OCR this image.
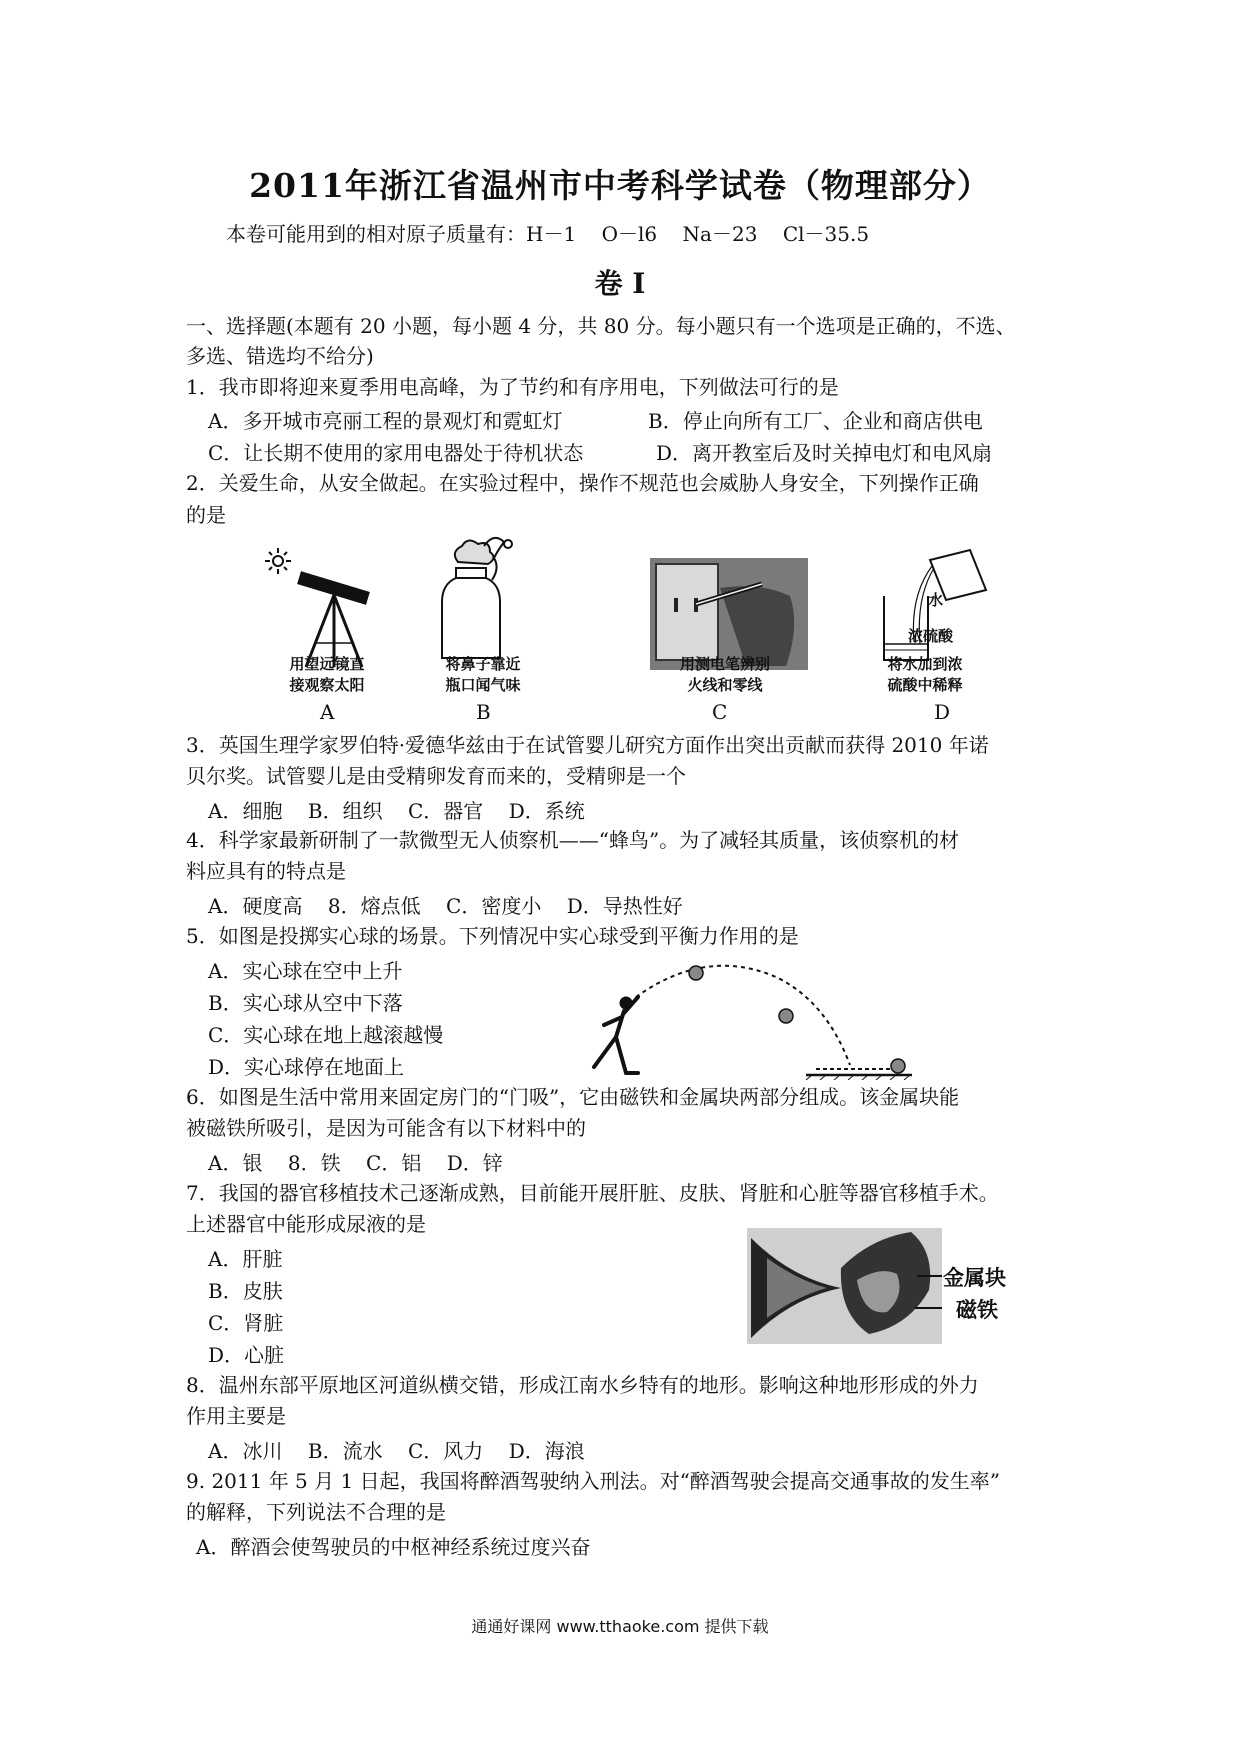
2011年浙江省温州市中考科学试卷（物理部分）
本卷可能用到的相对原子质量有：H－1    O－l6    Na－23    Cl－35.5
卷 I
一、选择题(本题有 20 小题，每小题 4 分，共 80 分。每小题只有一个选项是正确的，不选、
多选、错选均不给分)
1．我市即将迎来夏季用电高峰，为了节约和有序用电，下列做法可行的是
A．多开城市亮丽工程的景观灯和霓虹灯	B．停止向所有工厂、企业和商店供电
C．让长期不使用的家用电器处于待机状态	D．离开教室后及时关掉电灯和电风扇
2．关爱生命，从安全做起。在实验过程中，操作不规范也会威胁人身安全，下列操作正确
的是
水
浓硫酸
用望远镜直
接观察太阳
将鼻子靠近
瓶口闻气味
用测电笔辨别
火线和零线
将水加到浓
硫酸中稀释
A	B	C	D
3．英国生理学家罗伯特·爱德华兹由于在试管婴儿研究方面作出突出贡献而获得 2010 年诺
贝尔奖。试管婴儿是由受精卵发育而来的，受精卵是一个
A．细胞    B．组织    C．器官    D．系统
4．科学家最新研制了一款微型无人侦察机——“蜂鸟”。为了减轻其质量，该侦察机的材
料应具有的特点是
A．硬度高    8．熔点低    C．密度小    D．导热性好
5．如图是投掷实心球的场景。下列情况中实心球受到平衡力作用的是
A．实心球在空中上升
B．实心球从空中下落
C．实心球在地上越滚越慢
D．实心球停在地面上
6．如图是生活中常用来固定房门的“门吸”，它由磁铁和金属块两部分组成。该金属块能
被磁铁所吸引，是因为可能含有以下材料中的
A．银    8．铁    C．铝    D．锌
7．我国的器官移植技术己逐渐成熟，目前能开展肝脏、皮肤、肾脏和心脏等器官移植手术。
上述器官中能形成尿液的是
A．肝脏
B．皮肤
C．肾脏
D．心脏
金属块
磁铁
8．温州东部平原地区河道纵横交错，形成江南水乡特有的地形。影响这种地形形成的外力
作用主要是
A．冰川    B．流水    C．风力    D．海浪
9. 2011 年 5 月 1 日起，我国将醉酒驾驶纳入刑法。对“醉酒驾驶会提高交通事故的发生率”
的解释，下列说法不合理的是
A．醉酒会使驾驶员的中枢神经系统过度兴奋
通通好课网 www.tthaoke.com 提供下载
